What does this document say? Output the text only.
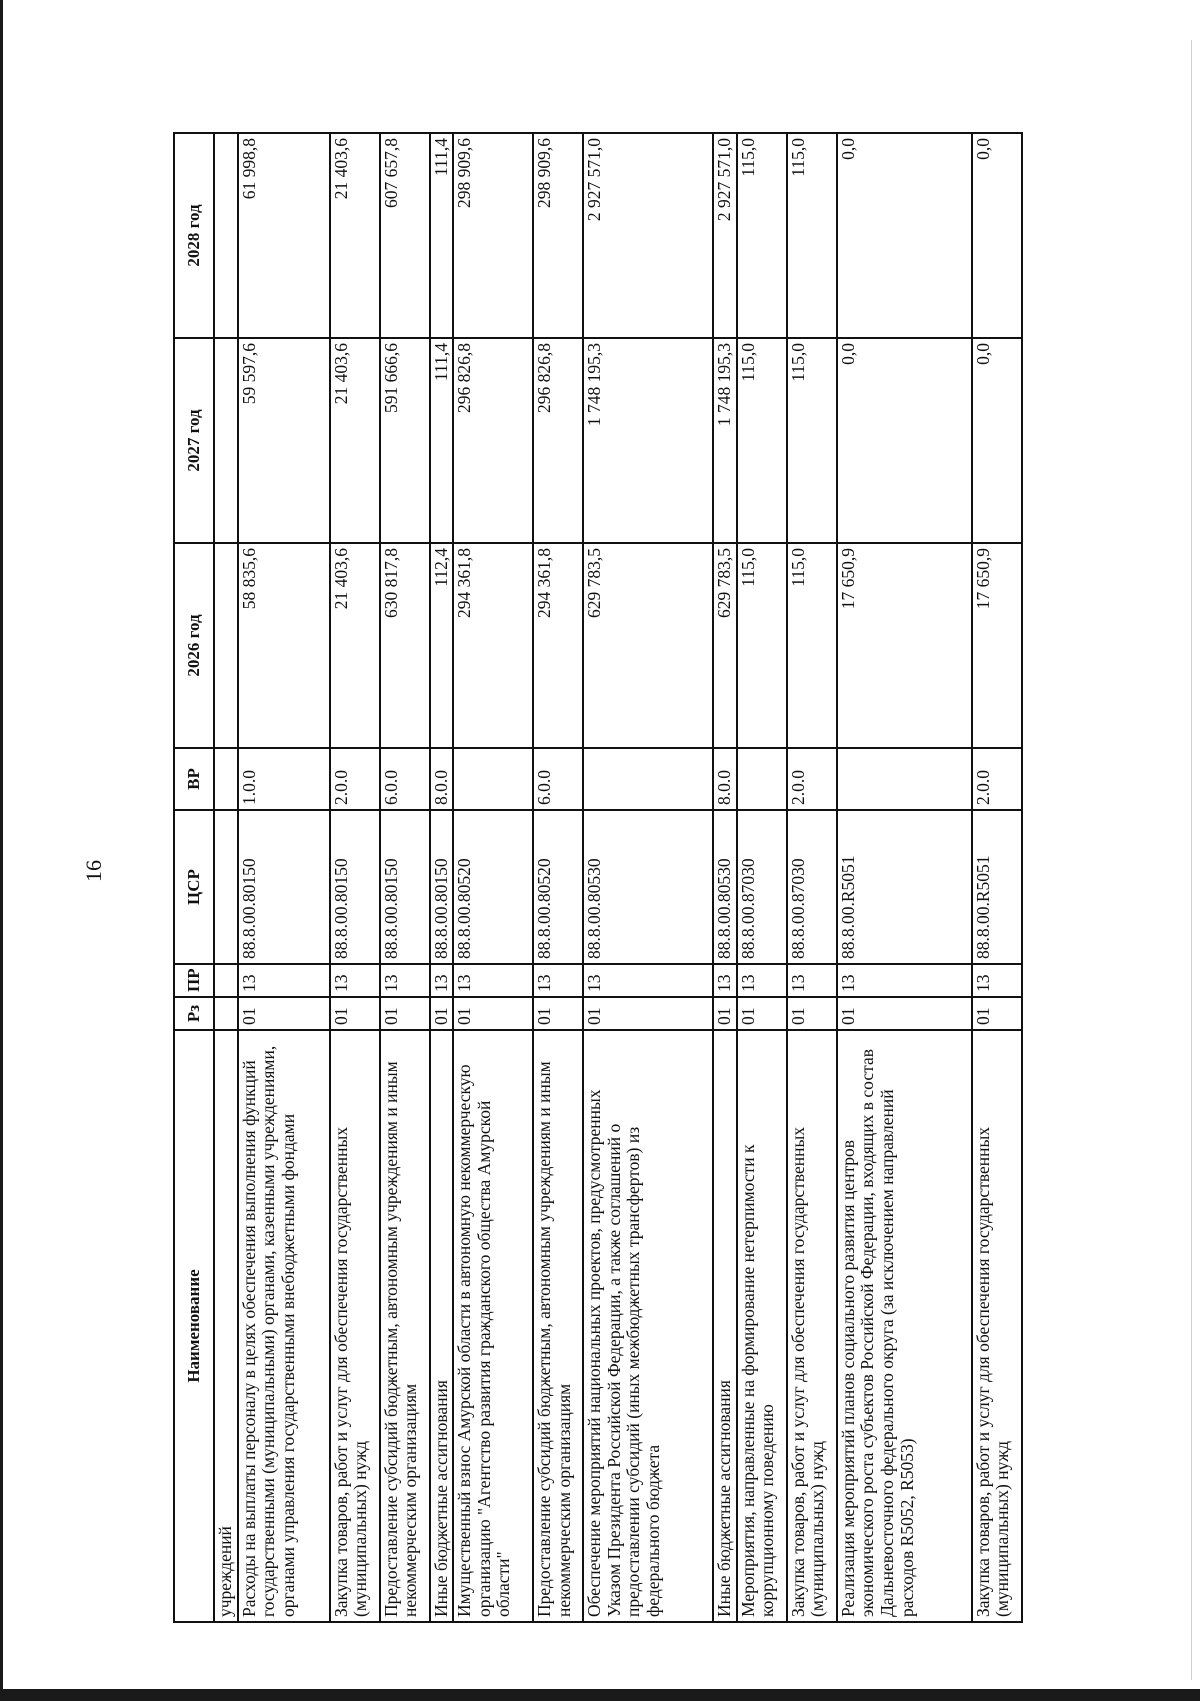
16
Наименование	Рз	ПР	ЦСР	ВР	2026 год	2027 год	2028 год
учреждений							
Расходы на выплаты персоналу в целях обеспечения выполнения функций государственными (муниципальными) органами, казенными учреждениями, органами управления государственными внебюджетными фондами	01	13	88.8.00.80150	1.0.0	58 835,6	59 597,6	61 998,8
Закупка товаров, работ и услуг для обеспечения государственных (муниципальных) нужд	01	13	88.8.00.80150	2.0.0	21 403,6	21 403,6	21 403,6
Предоставление субсидий бюджетным, автономным учреждениям и иным некоммерческим организациям	01	13	88.8.00.80150	6.0.0	630 817,8	591 666,6	607 657,8
Иные бюджетные ассигнования	01	13	88.8.00.80150	8.0.0	112,4	111,4	111,4
Имущественный взнос Амурской области в автономную некоммерческую организацию "Агентство развития гражданского общества Амурской области"	01	13	88.8.00.80520		294 361,8	296 826,8	298 909,6
Предоставление субсидий бюджетным, автономным учреждениям и иным некоммерческим организациям	01	13	88.8.00.80520	6.0.0	294 361,8	296 826,8	298 909,6
Обеспечение мероприятий национальных проектов, предусмотренных Указом Президента Российской Федерации, а также соглашений о предоставлении субсидий (иных межбюджетных трансфертов) из федерального бюджета	01	13	88.8.00.80530		629 783,5	1 748 195,3	2 927 571,0
Иные бюджетные ассигнования	01	13	88.8.00.80530	8.0.0	629 783,5	1 748 195,3	2 927 571,0
Мероприятия, направленные на формирование нетерпимости к коррупционному поведению	01	13	88.8.00.87030		115,0	115,0	115,0
Закупка товаров, работ и услуг для обеспечения государственных (муниципальных) нужд	01	13	88.8.00.87030	2.0.0	115,0	115,0	115,0
Реализация мероприятий планов социального развития центров экономического роста субъектов Российской Федерации, входящих в состав Дальневосточного федерального округа (за исключением направлений расходов R5052, R5053)	01	13	88.8.00.R5051		17 650,9	0,0	0,0
Закупка товаров, работ и услуг для обеспечения государственных (муниципальных) нужд	01	13	88.8.00.R5051	2.0.0	17 650,9	0,0	0,0
